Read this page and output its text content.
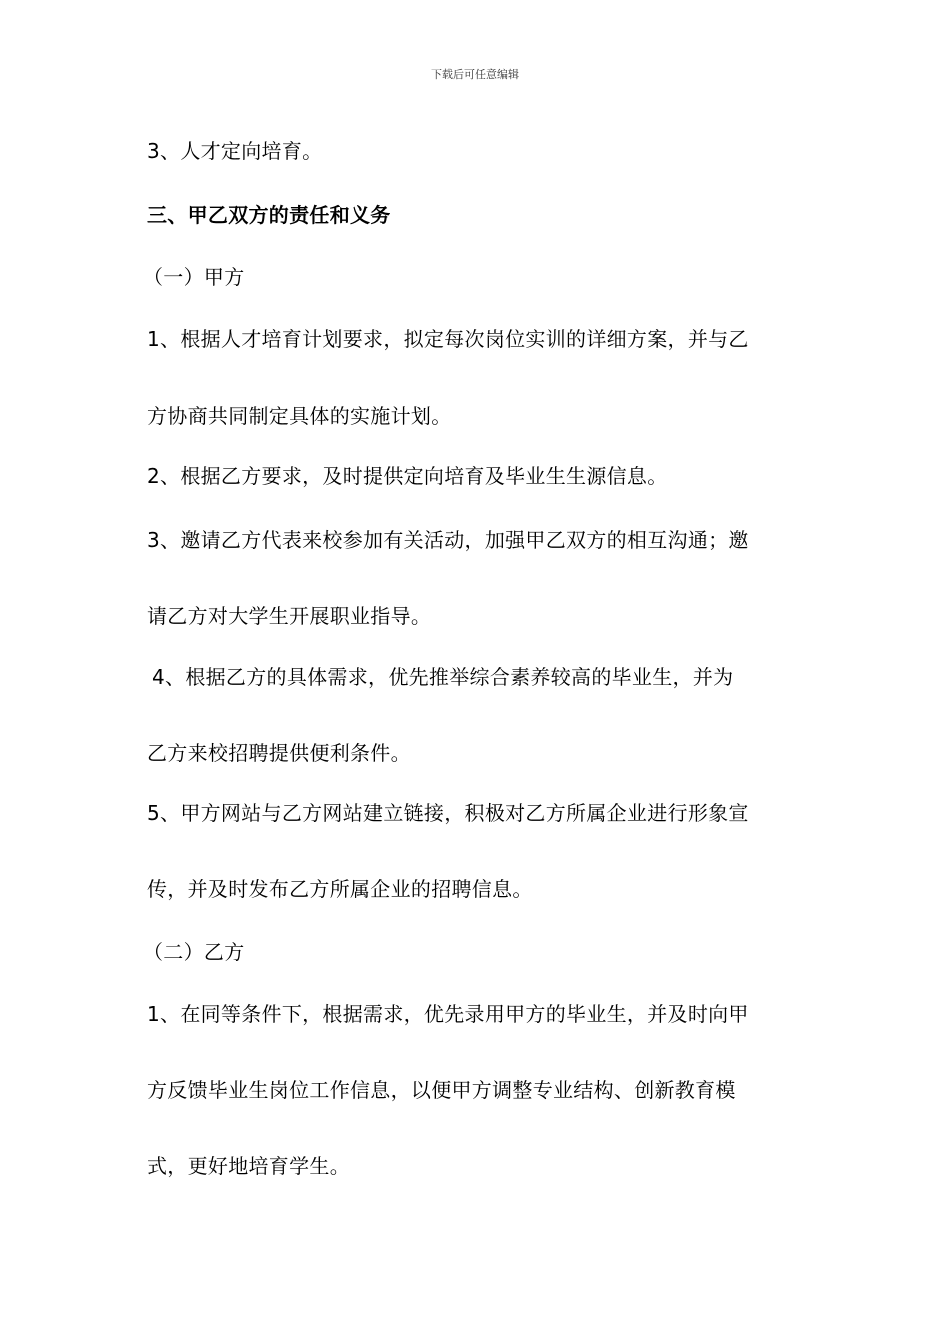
下载后可任意编辑
3、人才定向培育。
三、甲乙双方的责任和义务
（一）甲方
1、根据人才培育计划要求，拟定每次岗位实训的详细方案，并与乙
方协商共同制定具体的实施计划。
2、根据乙方要求，及时提供定向培育及毕业生生源信息。
3、邀请乙方代表来校参加有关活动，加强甲乙双方的相互沟通；邀
请乙方对大学生开展职业指导。
4、根据乙方的具体需求，优先推举综合素养较高的毕业生，并为
乙方来校招聘提供便利条件。
5、甲方网站与乙方网站建立链接，积极对乙方所属企业进行形象宣
传，并及时发布乙方所属企业的招聘信息。
（二）乙方
1、在同等条件下，根据需求，优先录用甲方的毕业生，并及时向甲
方反馈毕业生岗位工作信息，以便甲方调整专业结构、创新教育模
式，更好地培育学生。
